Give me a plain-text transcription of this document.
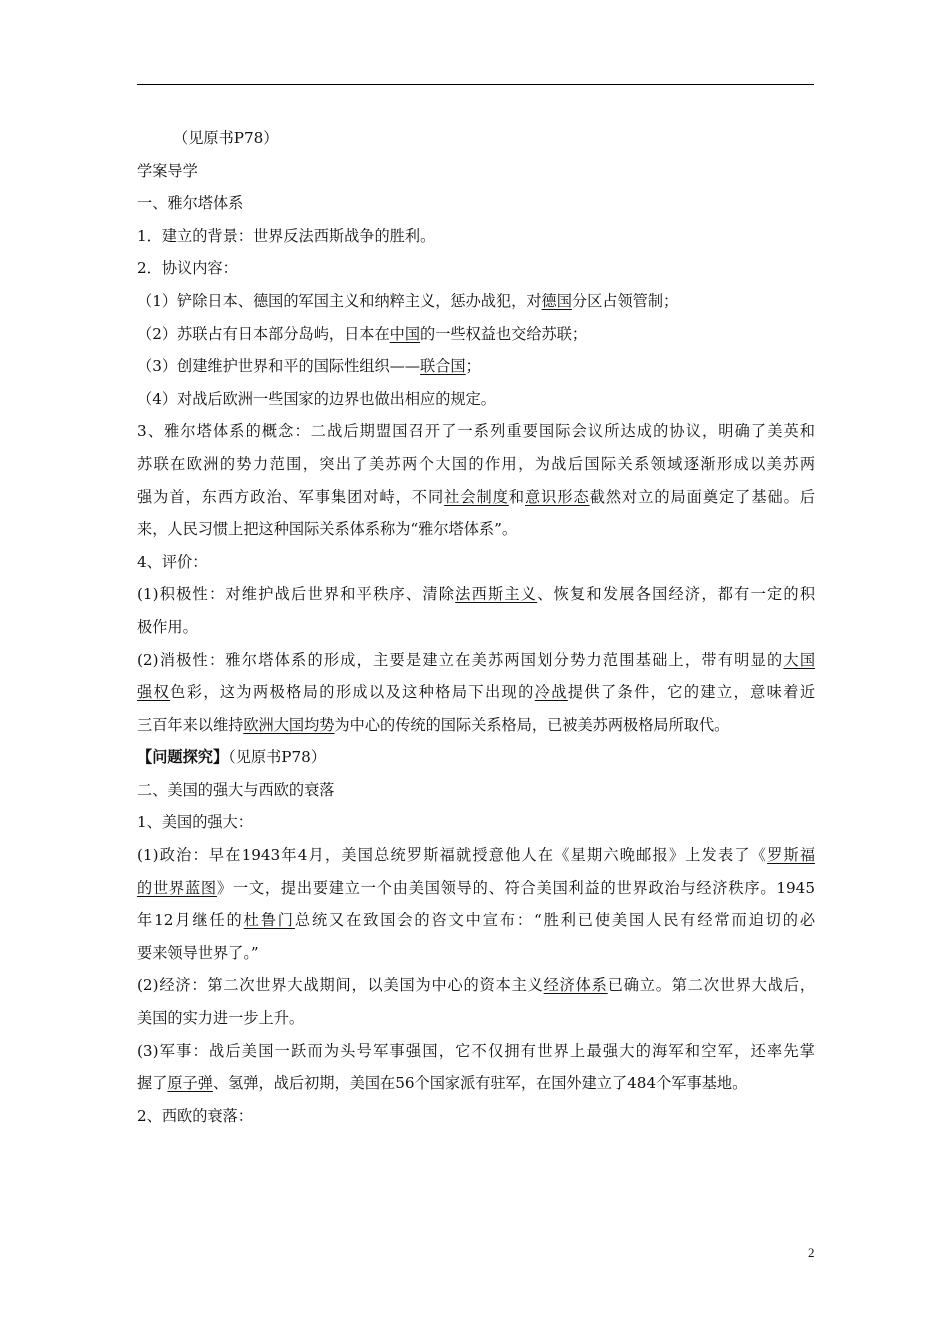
（见原书P78）
学案导学
一、雅尔塔体系
1．建立的背景：世界反法西斯战争的胜利。
2．协议内容：
（1）铲除日本、德国的军国主义和纳粹主义，惩办战犯，对德国分区占领管制；
（2）苏联占有日本部分岛屿，日本在中国的一些权益也交给苏联；
（3）创建维护世界和平的国际性组织——联合国；
（4）对战后欧洲一些国家的边界也做出相应的规定。
3、雅尔塔体系的概念：二战后期盟国召开了一系列重要国际会议所达成的协议，明确了美英和
苏联在欧洲的势力范围，突出了美苏两个大国的作用，为战后国际关系领域逐渐形成以美苏两
强为首，东西方政治、军事集团对峙，不同社会制度和意识形态截然对立的局面奠定了基础。后
来，人民习惯上把这种国际关系体系称为“雅尔塔体系”。
4、评价：
(1)积极性：对维护战后世界和平秩序、清除法西斯主义、恢复和发展各国经济，都有一定的积
极作用。
(2)消极性：雅尔塔体系的形成，主要是建立在美苏两国划分势力范围基础上，带有明显的大国
强权色彩，这为两极格局的形成以及这种格局下出现的冷战提供了条件，它的建立，意味着近
三百年来以维持欧洲大国均势为中心的传统的国际关系格局，已被美苏两极格局所取代。
【问题探究】（见原书P78）
二、美国的强大与西欧的衰落
1、美国的强大：
(1)政治：早在1943年4月，美国总统罗斯福就授意他人在《星期六晚邮报》上发表了《罗斯福
的世界蓝图》一文，提出要建立一个由美国领导的、符合美国利益的世界政治与经济秩序。1945
年12月继任的杜鲁门总统又在致国会的咨文中宣布：“胜利已使美国人民有经常而迫切的必
要来领导世界了。”
(2)经济：第二次世界大战期间，以美国为中心的资本主义经济体系已确立。第二次世界大战后，
美国的实力进一步上升。
(3)军事：战后美国一跃而为头号军事强国，它不仅拥有世界上最强大的海军和空军，还率先掌
握了原子弹、氢弹，战后初期，美国在56个国家派有驻军，在国外建立了484个军事基地。
2、西欧的衰落：
2
